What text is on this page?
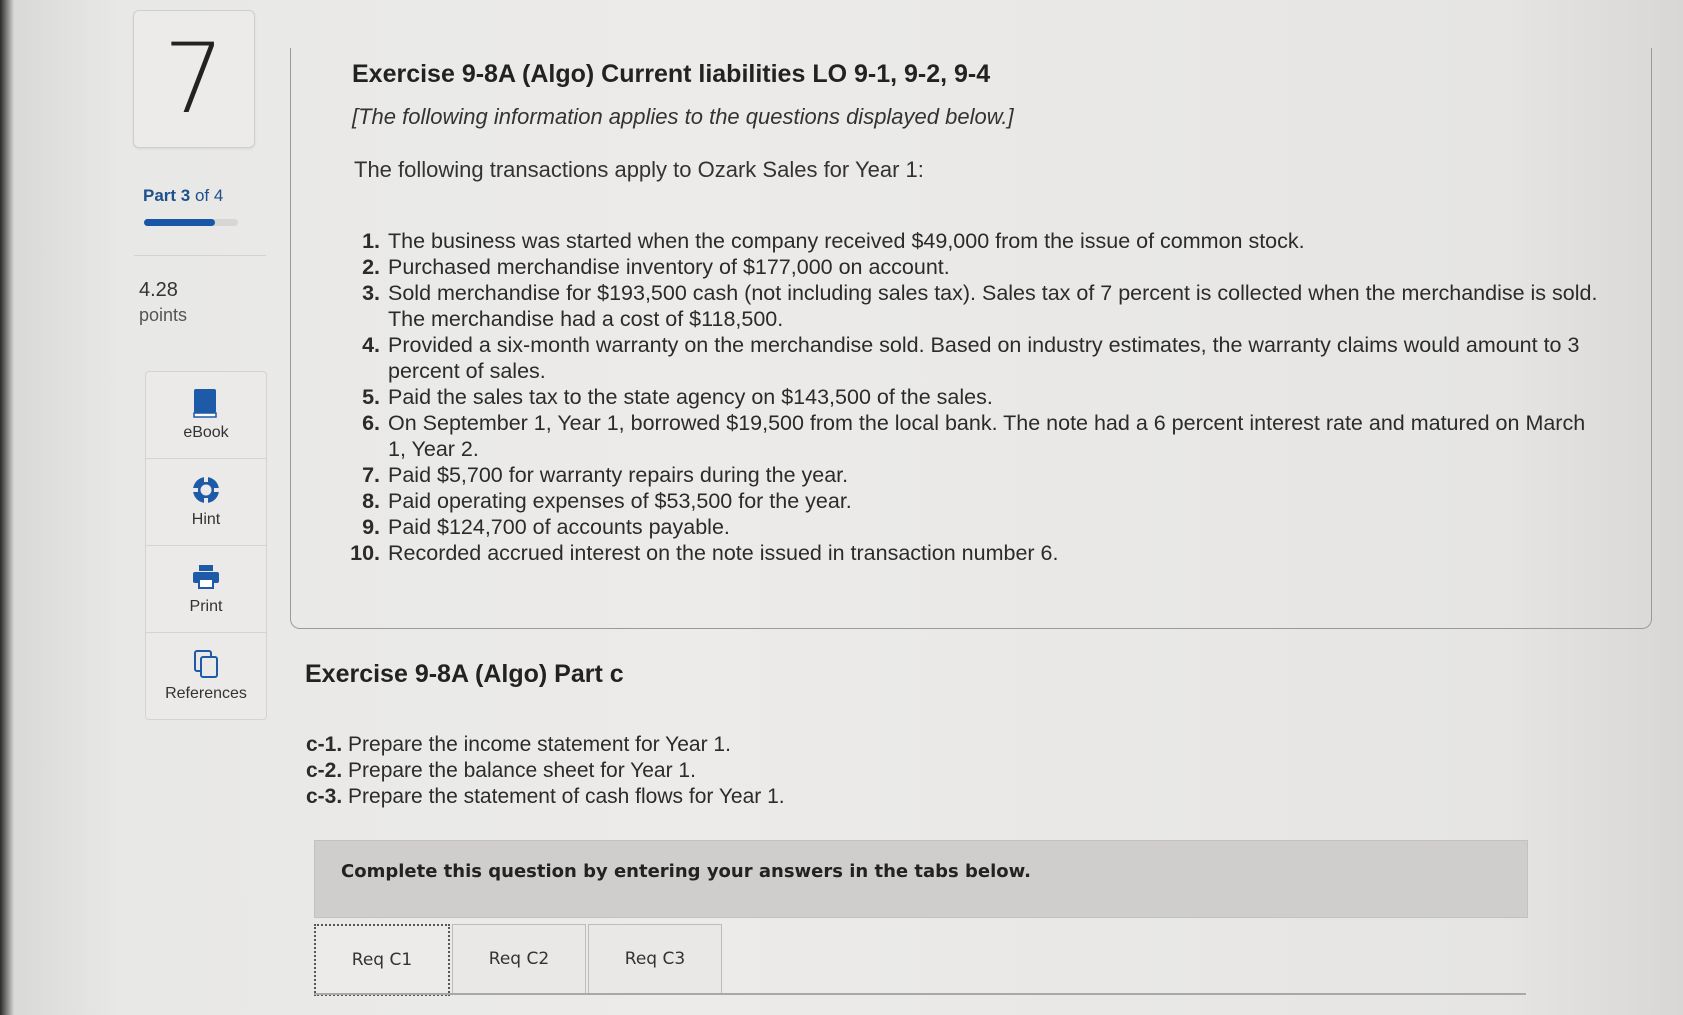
7
Part 3 of 4
4.28
points
eBook
Hint
Print
References
Exercise 9-8A (Algo) Current liabilities LO 9-1, 9-2, 9-4
[The following information applies to the questions displayed below.]
The following transactions apply to Ozark Sales for Year 1:
1. The business was started when the company received $49,000 from the issue of common stock.
2. Purchased merchandise inventory of $177,000 on account.
3. Sold merchandise for $193,500 cash (not including sales tax). Sales tax of 7 percent is collected when the merchandise is sold. The merchandise had a cost of $118,500.
4. Provided a six-month warranty on the merchandise sold. Based on industry estimates, the warranty claims would amount to 3 percent of sales.
5. Paid the sales tax to the state agency on $143,500 of the sales.
6. On September 1, Year 1, borrowed $19,500 from the local bank. The note had a 6 percent interest rate and matured on March 1, Year 2.
7. Paid $5,700 for warranty repairs during the year.
8. Paid operating expenses of $53,500 for the year.
9. Paid $124,700 of accounts payable.
10. Recorded accrued interest on the note issued in transaction number 6.
Exercise 9-8A (Algo) Part c
c-1. Prepare the income statement for Year 1.
c-2. Prepare the balance sheet for Year 1.
c-3. Prepare the statement of cash flows for Year 1.
Complete this question by entering your answers in the tabs below.
Req C1	Req C2	Req C3
